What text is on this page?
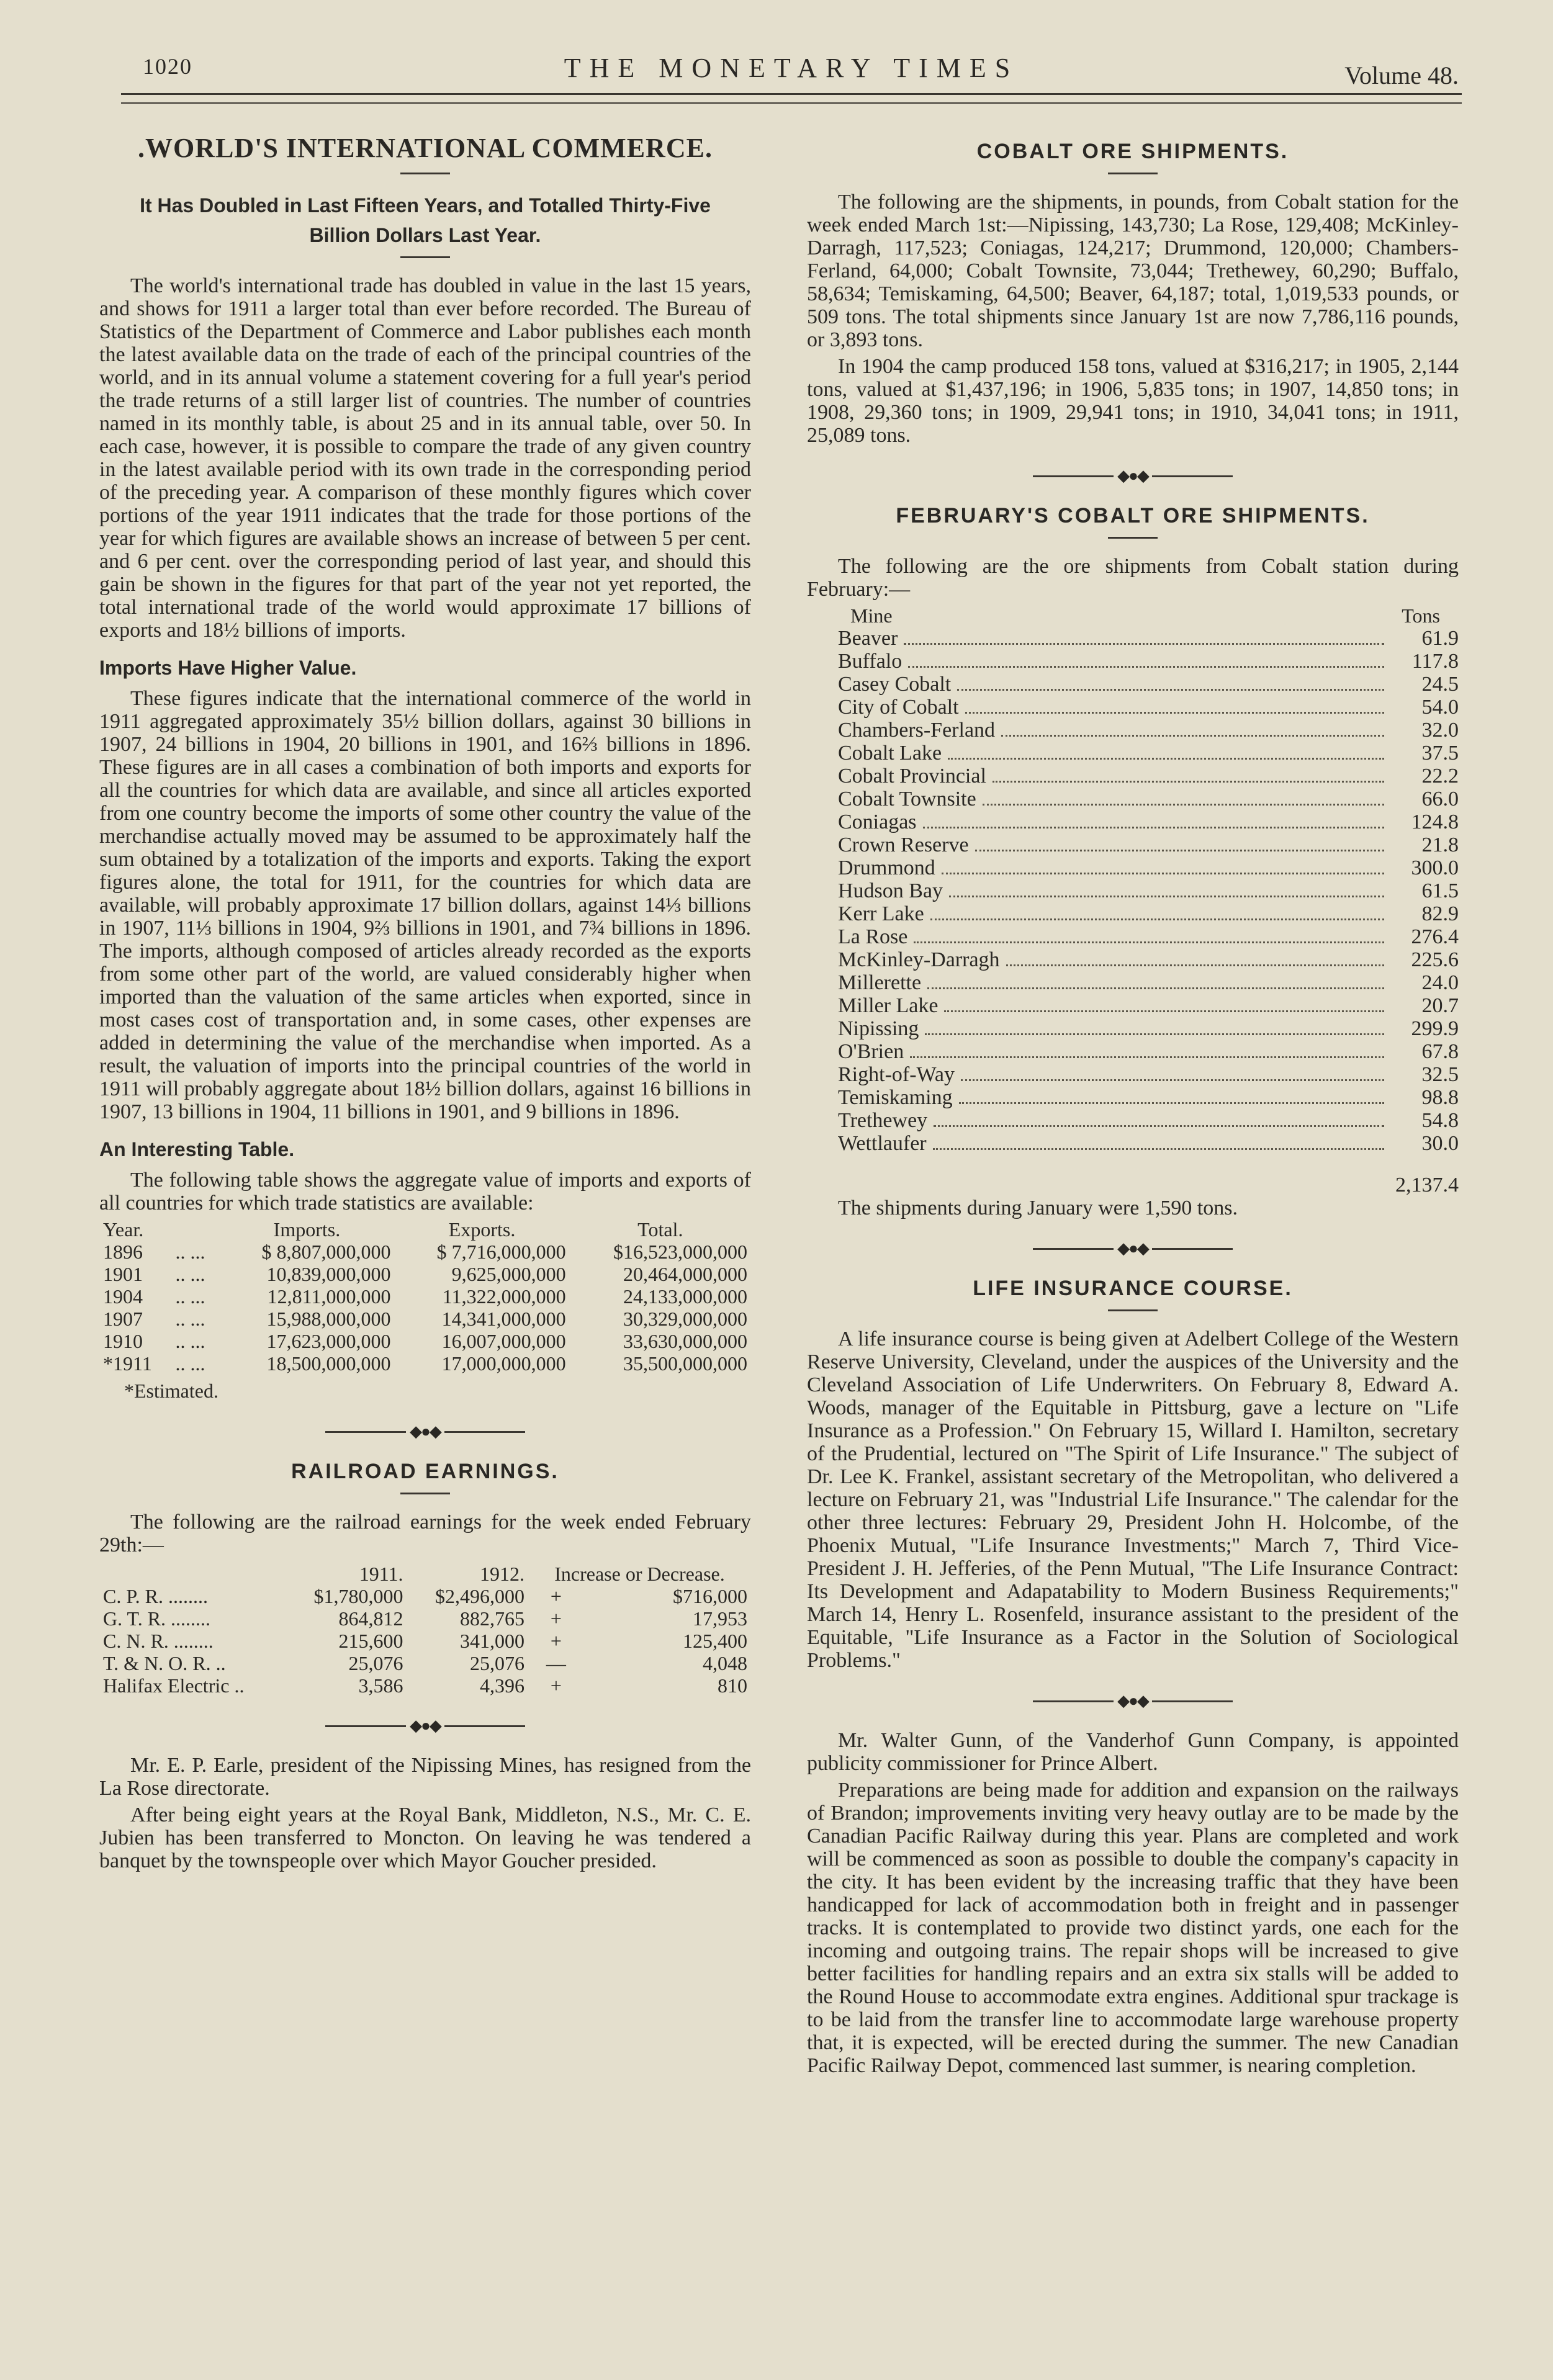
1020	THE MONETARY TIMES	Volume 48.
.WORLD'S INTERNATIONAL COMMERCE.
It Has Doubled in Last Fifteen Years, and Totalled Thirty-Five Billion Dollars Last Year.

The world's international trade has doubled in value in the last 15 years, and shows for 1911 a larger total than ever before recorded. The Bureau of Statistics of the Department of Commerce and Labor publishes each month the latest available data on the trade of each of the principal countries of the world, and in its annual volume a statement covering for a full year's period the trade returns of a still larger list of countries. The number of countries named in its monthly table, is about 25 and in its annual table, over 50. In each case, however, it is possible to compare the trade of any given country in the latest available period with its own trade in the corresponding period of the preceding year. A comparison of these monthly figures which cover portions of the year 1911 indicates that the trade for those portions of the year for which figures are available shows an increase of between 5 per cent. and 6 per cent. over the corresponding period of last year, and should this gain be shown in the figures for that part of the year not yet reported, the total international trade of the world would approximate 17 billions of exports and 18½ billions of imports.

Imports Have Higher Value.

These figures indicate that the international commerce of the world in 1911 aggregated approximately 35½ billion dollars, against 30 billions in 1907, 24 billions in 1904, 20 billions in 1901, and 16⅔ billions in 1896. These figures are in all cases a combination of both imports and exports for all the countries for which data are available, and since all articles exported from one country become the imports of some other country the value of the merchandise actually moved may be assumed to be approximately half the sum obtained by a totalization of the imports and exports. Taking the export figures alone, the total for 1911, for the countries for which data are available, will probably approximate 17 billion dollars, against 14⅓ billions in 1907, 11⅓ billions in 1904, 9⅔ billions in 1901, and 7¾ billions in 1896. The imports, although composed of articles already recorded as the exports from some other part of the world, are valued considerably higher when imported than the valuation of the same articles when exported, since in most cases cost of transportation and, in some cases, other expenses are added in determining the value of the merchandise when imported. As a result, the valuation of imports into the principal countries of the world in 1911 will probably aggregate about 18½ billion dollars, against 16 billions in 1907, 13 billions in 1904, 11 billions in 1901, and 9 billions in 1896.

An Interesting Table.

The following table shows the aggregate value of imports and exports of all countries for which trade statistics are available:

Year.		Imports.	Exports.	Total.
1896	.. ...	$ 8,807,000,000	$ 7,716,000,000	$16,523,000,000
1901	.. ...	10,839,000,000	9,625,000,000	20,464,000,000
1904	.. ...	12,811,000,000	11,322,000,000	24,133,000,000
1907	.. ...	15,988,000,000	14,341,000,000	30,329,000,000
1910	.. ...	17,623,000,000	16,007,000,000	33,630,000,000
*1911	.. ...	18,500,000,000	17,000,000,000	35,500,000,000
*Estimated.
◆●◆
RAILROAD EARNINGS.

The following are the railroad earnings for the week ended February 29th:—

	1911.	1912.	Increase or Decrease.	
C. P. R. ........	$1,780,000	$2,496,000	+	$716,000
G. T. R. ........	864,812	882,765	+	17,953
C. N. R. ........	215,600	341,000	+	125,400
T. & N. O. R. ..	25,076	25,076	—	4,048
Halifax Electric ..	3,586	4,396	+	810
◆●◆

Mr. E. P. Earle, president of the Nipissing Mines, has resigned from the La Rose directorate.

After being eight years at the Royal Bank, Middleton, N.S., Mr. C. E. Jubien has been transferred to Moncton. On leaving he was tendered a banquet by the townspeople over which Mayor Goucher presided.

COBALT ORE SHIPMENTS.

The following are the shipments, in pounds, from Cobalt station for the week ended March 1st:—Nipissing, 143,730; La Rose, 129,408; McKinley-Darragh, 117,523; Coniagas, 124,217; Drummond, 120,000; Chambers-Ferland, 64,000; Cobalt Townsite, 73,044; Trethewey, 60,290; Buffalo, 58,634; Temiskaming, 64,500; Beaver, 64,187; total, 1,019,533 pounds, or 509 tons. The total shipments since January 1st are now 7,786,116 pounds, or 3,893 tons.

In 1904 the camp produced 158 tons, valued at $316,217; in 1905, 2,144 tons, valued at $1,437,196; in 1906, 5,835 tons; in 1907, 14,850 tons; in 1908, 29,360 tons; in 1909, 29,941 tons; in 1910, 34,041 tons; in 1911, 25,089 tons.

◆●◆
FEBRUARY'S COBALT ORE SHIPMENTS.

The following are the ore shipments from Cobalt station during February:—

Mine	Tons
Beaver	61.9
Buffalo	117.8
Casey Cobalt	24.5
City of Cobalt	54.0
Chambers-Ferland	32.0
Cobalt Lake	37.5
Cobalt Provincial	22.2
Cobalt Townsite	66.0
Coniagas	124.8
Crown Reserve	21.8
Drummond	300.0
Hudson Bay	61.5
Kerr Lake	82.9
La Rose	276.4
McKinley-Darragh	225.6
Millerette	24.0
Miller Lake	20.7
Nipissing	299.9
O'Brien	67.8
Right-of-Way	32.5
Temiskaming	98.8
Trethewey	54.8
Wettlaufer	30.0
2,137.4

The shipments during January were 1,590 tons.

◆●◆
LIFE INSURANCE COURSE.

A life insurance course is being given at Adelbert College of the Western Reserve University, Cleveland, under the auspices of the University and the Cleveland Association of Life Underwriters. On February 8, Edward A. Woods, manager of the Equitable in Pittsburg, gave a lecture on "Life Insurance as a Profession." On February 15, Willard I. Hamilton, secretary of the Prudential, lectured on "The Spirit of Life Insurance." The subject of Dr. Lee K. Frankel, assistant secretary of the Metropolitan, who delivered a lecture on February 21, was "Industrial Life Insurance." The calendar for the other three lectures: February 29, President John H. Holcombe, of the Phoenix Mutual, "Life Insurance Investments;" March 7, Third Vice-President J. H. Jefferies, of the Penn Mutual, "The Life Insurance Contract: Its Development and Adapatability to Modern Business Requirements;" March 14, Henry L. Rosenfeld, insurance assistant to the president of the Equitable, "Life Insurance as a Factor in the Solution of Sociological Problems."

◆●◆

Mr. Walter Gunn, of the Vanderhof Gunn Company, is appointed publicity commissioner for Prince Albert.

Preparations are being made for addition and expansion on the railways of Brandon; improvements inviting very heavy outlay are to be made by the Canadian Pacific Railway during this year. Plans are completed and work will be commenced as soon as possible to double the company's capacity in the city. It has been evident by the increasing traffic that they have been handicapped for lack of accommodation both in freight and in passenger tracks. It is contemplated to provide two distinct yards, one each for the incoming and outgoing trains. The repair shops will be increased to give better facilities for handling repairs and an extra six stalls will be added to the Round House to accommodate extra engines. Additional spur trackage is to be laid from the transfer line to accommodate large warehouse property that, it is expected, will be erected during the summer. The new Canadian Pacific Railway Depot, commenced last summer, is nearing completion.
